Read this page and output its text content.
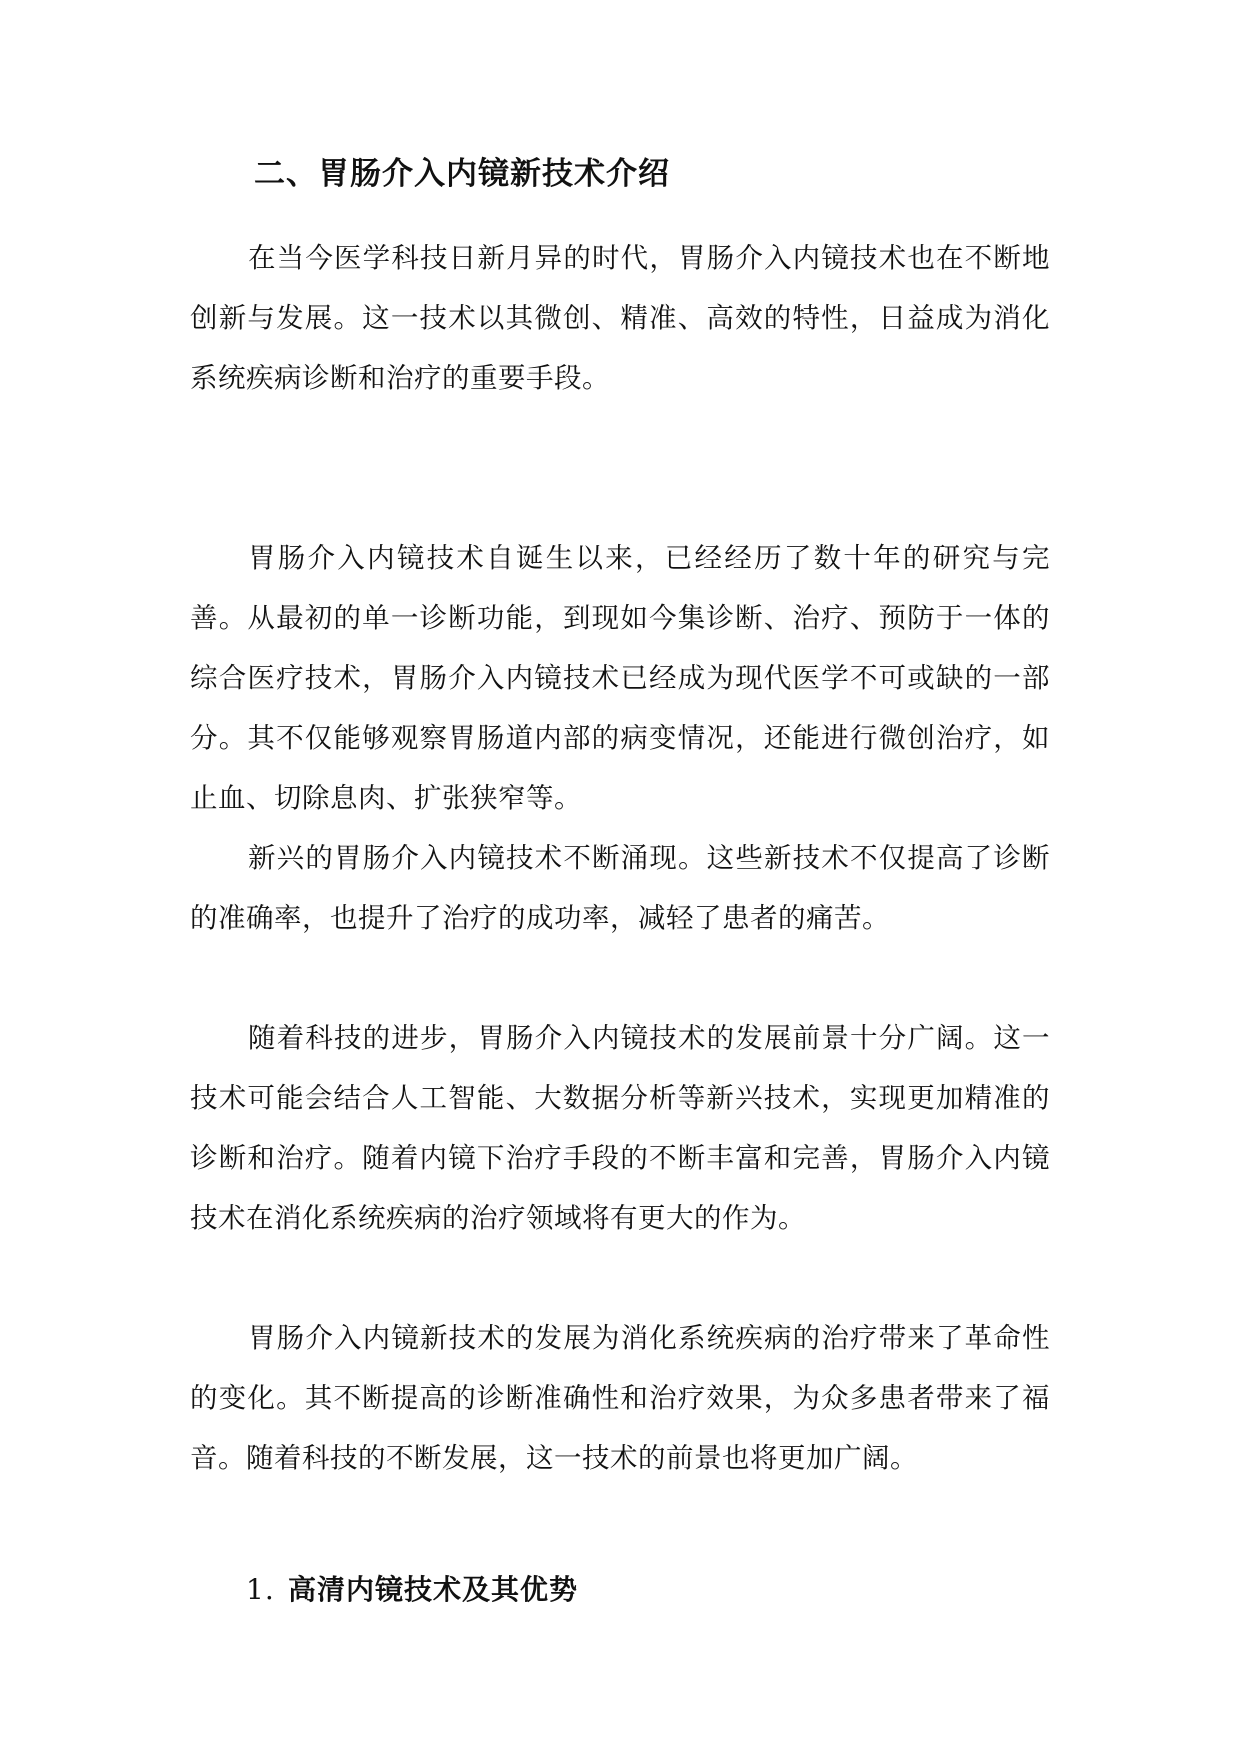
二、胃肠介入内镜新技术介绍

在当今医学科技日新月异的时代，胃肠介入内镜技术也在不断地创新与发展。这一技术以其微创、精准、高效的特性，日益成为消化系统疾病诊断和治疗的重要手段。

胃肠介入内镜技术自诞生以来，已经经历了数十年的研究与完善。从最初的单一诊断功能，到现如今集诊断、治疗、预防于一体的综合医疗技术，胃肠介入内镜技术已经成为现代医学不可或缺的一部分。其不仅能够观察胃肠道内部的病变情况，还能进行微创治疗，如止血、切除息肉、扩张狭窄等。

新兴的胃肠介入内镜技术不断涌现。这些新技术不仅提高了诊断的准确率，也提升了治疗的成功率，减轻了患者的痛苦。

随着科技的进步，胃肠介入内镜技术的发展前景十分广阔。这一技术可能会结合人工智能、大数据分析等新兴技术，实现更加精准的诊断和治疗。随着内镜下治疗手段的不断丰富和完善，胃肠介入内镜技术在消化系统疾病的治疗领域将有更大的作为。

胃肠介入内镜新技术的发展为消化系统疾病的治疗带来了革命性的变化。其不断提高的诊断准确性和治疗效果，为众多患者带来了福音。随着科技的不断发展，这一技术的前景也将更加广阔。

1. 高清内镜技术及其优势
